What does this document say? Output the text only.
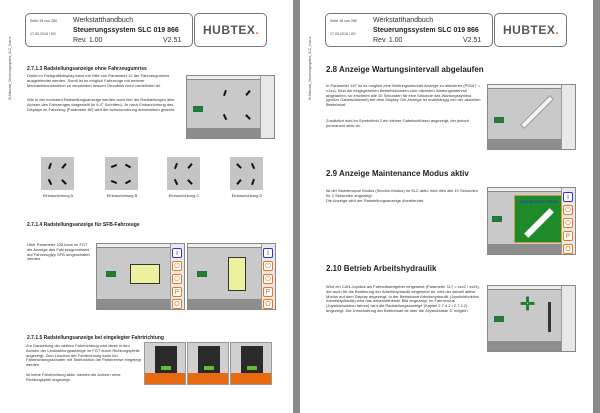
W-Manuals_Steuerungssystem_SLC_0.docx
Seite 15 von 280
17.05.2018 / KD
Werkstatthandbuch
Steuerungssystem SLC 019 866
Rev. 1.00	V2.51
HUBTEX.
2.7.1.3 Radstellungsanzeige ohne Fahrzeugumriss
Direkt im Farbgrafikdisplay kann mit Hilfe von Parameter 12 der Fahrzeugumriss ausgeblendet werden. Somit ist es möglich Fahrzeuge mit anderer Mechanikkonstruktion zu verwenden dessen Grundriss nicht vordefiniert ist.
Wie in der normalen Radstellungsanzeige werden auch hier die Radstellungen aller Achsen des Fahrzeuges dargestellt (in 6,4° Schritten). Je nach Einbaurichtung des Displays im Fahrzeug (Parameter 80) wird die Achszuordnung automatisch gedreht.
Einbaurichtung A	Einbaurichtung B	Einbaurichtung C	Einbaurichtung D
2.7.1.4 Radstellungsanzeige für SFB-Fahrzeuge
Über Parameter 228 kann im FGT die Anzeige des Fahrzeugumrisses auf Fahrzeugtyp SFB umgeschaltet werden.
i
⏻
⏻
P
O
i
⏻
⏻
P
O
2.7.1.5 Radstellungsanzeige bei eingelegter Fahrtrichtung
Zur Darstellung der aktiven Fahrtrichtung wird diese in den Achsen der Lenkstellungsanzeige im FGT durch Richtungspfeile angezeigt. Zum Löschen der Fahrtrichtung kann bei Fahrtrichtungsschalter mit Tastfunktion die Parkbremse eingelegt werden.
Ist keine Fahrtrichtung aktiv, werden die Achsen ohne Richtungspfeil angezeigt.
W-Manuals_Steuerungssystem_SLC_0.docx
Seite 16 von 280
17.05.2018 / KD
Werkstatthandbuch
Steuerungssystem SLC 019 866
Rev. 1.00	V2.51
HUBTEX.
2.8 Anzeige Wartungsintervall abgelaufen
In Parameter 167 ist es möglich eine Wartungsintervall-Anzeige zu aktivieren (PS167 = x1xx). Sind die eingegebenen Betriebsstunden zum nächsten Wartungsintervall abgelaufen, so erscheint alle 10 Sekunden für eine Sekunde das Wartungssymbol (großer Gabelschlüssel) auf dem Display. Die Anzeige ist unabhängig von der aktuellen Betriebsart.
Zusätzlich wird im Symbolfeld 2 ein kleiner Gabelschlüssel angezeigt, der jedoch permanent aktiv ist.
2.9 Anzeige Maintenance Modus aktiv
Ist der Maintenance Modus (Service-Modus) im SLC aktiv, wird dies alle 10 Sekunden für 2 Sekunden angezeigt.
Die Anzeige wird der Radstellungsanzeige überblendet.	i
⏻
⏻
P
O
Maintenance Mode
2.10 Betrieb Arbeitshydraulik
Wird ein CAN-Joystick als Fahrsollwertgeber eingesetzt (Parameter 117 = xxx2 / xx2x), der auch für die Bedienung der Arbeitshydraulik eingesetzt ist, wird der aktuell aktive Modus auf dem Display angezeigt. In der Betriebsart Arbeitshydraulik (Joystickfunktion Arbeitshydraulik) wird das nebenstehende Bild angezeigt. Im Fahrmodus (Joystickfunktion fahren) wird die Radstellungsanzeige (Kapitel 2.7.4.1 / 2.7.4.2) angezeigt. Die Umschaltung der Betriebsart ist über die Joysticktaste ① möglich.	✛
